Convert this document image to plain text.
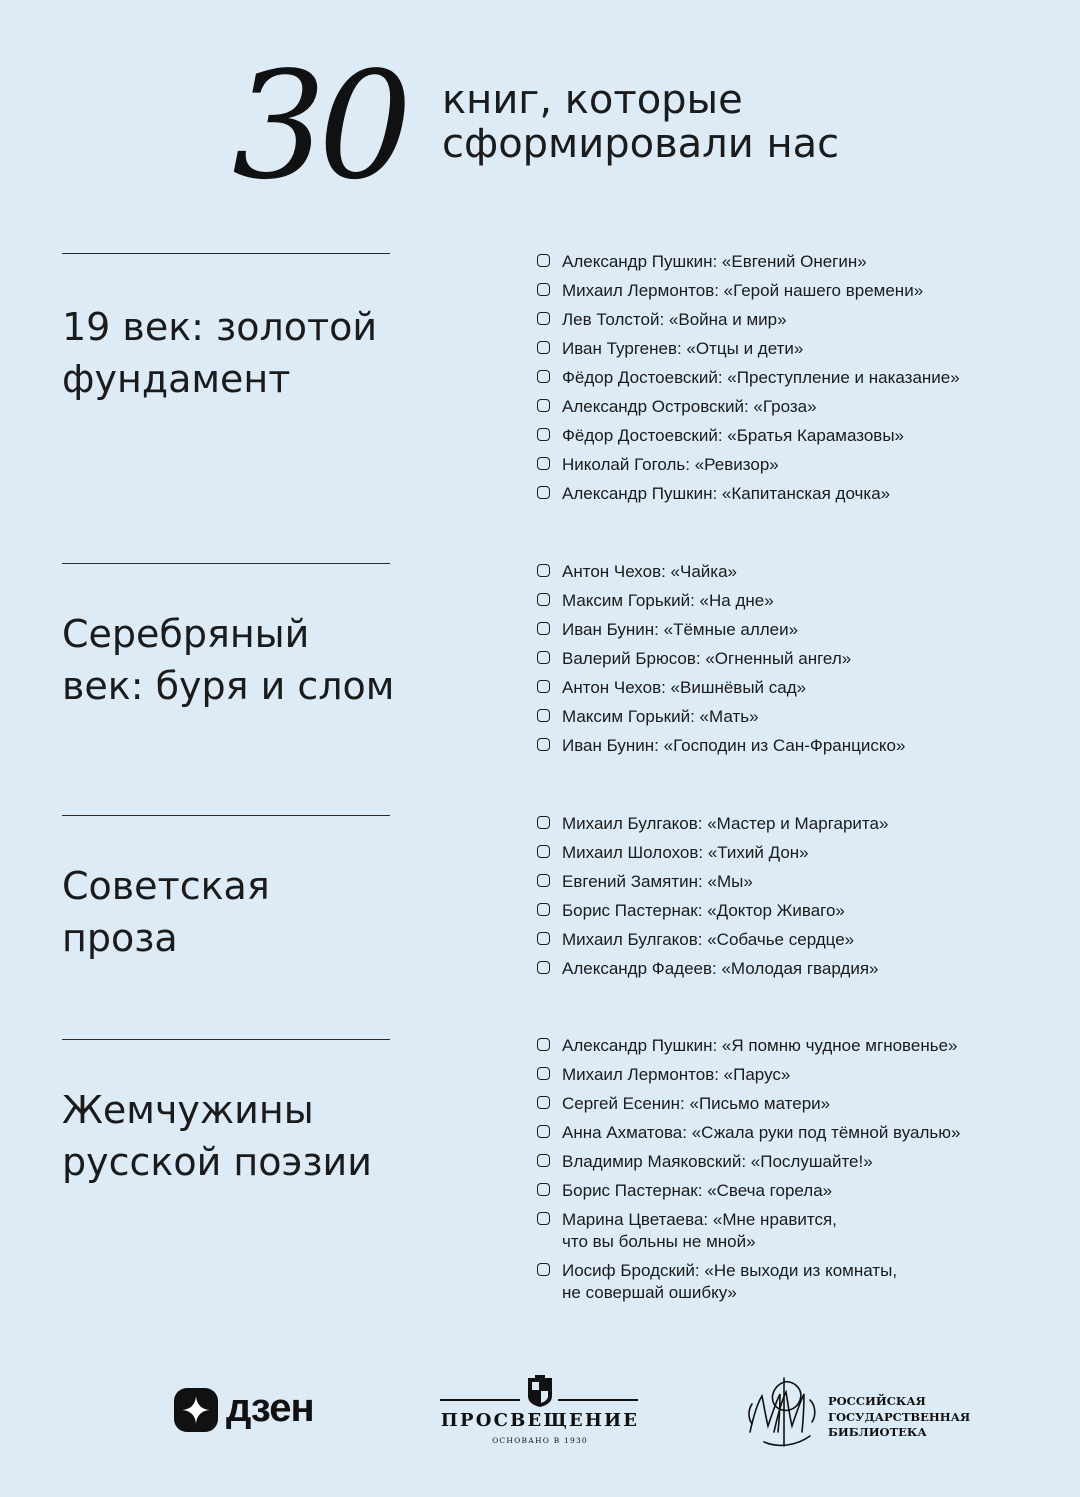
30 книг, которые
сформировали нас
19 век: золотой
фундамент
Александр Пушкин: «Евгений Онегин»
Михаил Лермонтов: «Герой нашего времени»
Лев Толстой: «Война и мир»
Иван Тургенев: «Отцы и дети»
Фёдор Достоевский: «Преступление и наказание»
Александр Островский: «Гроза»
Фёдор Достоевский: «Братья Карамазовы»
Николай Гоголь: «Ревизор»
Александр Пушкин: «Капитанская дочка»
Серебряный
век: буря и слом
Антон Чехов: «Чайка»
Максим Горький: «На дне»
Иван Бунин: «Тёмные аллеи»
Валерий Брюсов: «Огненный ангел»
Антон Чехов: «Вишнёвый сад»
Максим Горький: «Мать»
Иван Бунин: «Господин из Сан-Франциско»
Советская
проза
Михаил Булгаков: «Мастер и Маргарита»
Михаил Шолохов: «Тихий Дон»
Евгений Замятин: «Мы»
Борис Пастернак: «Доктор Живаго»
Михаил Булгаков: «Собачье сердце»
Александр Фадеев: «Молодая гвардия»
Жемчужины
русской поэзии
Александр Пушкин: «Я помню чудное мгновенье»
Михаил Лермонтов: «Парус»
Сергей Есенин: «Письмо матери»
Анна Ахматова: «Сжала руки под тёмной вуалью»
Владимир Маяковский: «Послушайте!»
Борис Пастернак: «Свеча горела»
Марина Цветаева: «Мне нравится,
что вы больны не мной»
Иосиф Бродский: «Не выходи из комнаты,
не совершай ошибку»
дзен	ПРОСВЕЩЕНИЕ
ОСНОВАНО В 1930
РОССИЙСКАЯ
ГОСУДАРСТВЕННАЯ
БИБЛИОТЕКА
